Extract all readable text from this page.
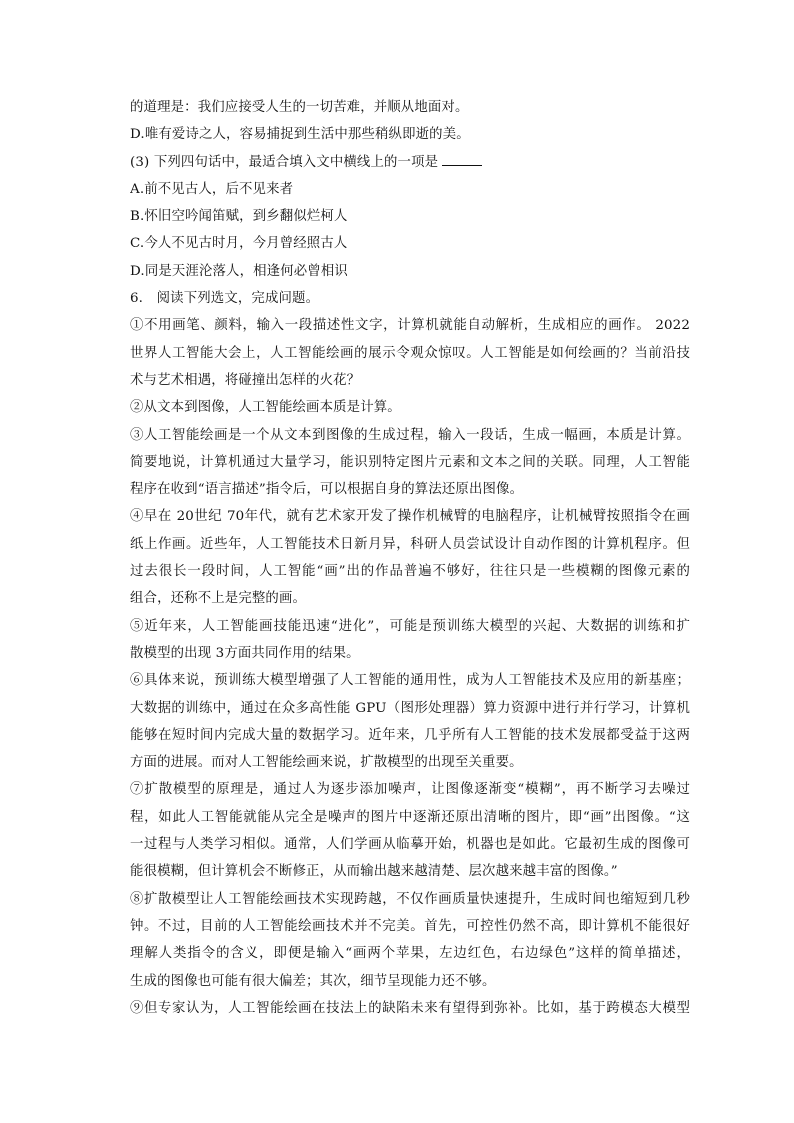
的道理是：我们应接受人生的一切苦难，并顺从地面对。
D.唯有爱诗之人，容易捕捉到生活中那些稍纵即逝的美。
(3) 下列四句话中，最适合填入文中横线上的一项是
A.前不见古人，后不见来者
B.怀旧空吟闻笛赋，到乡翻似烂柯人
C.今人不见古时月，今月曾经照古人
D.同是天涯沦落人，相逢何必曾相识
6.　阅读下列选文，完成问题。
①不用画笔、颜料，输入一段描述性文字，计算机就能自动解析，生成相应的画作。 2022
世界人工智能大会上，人工智能绘画的展示令观众惊叹。人工智能是如何绘画的？当前沿技
术与艺术相遇，将碰撞出怎样的火花？
②从文本到图像，人工智能绘画本质是计算。
③人工智能绘画是一个从文本到图像的生成过程，输入一段话，生成一幅画，本质是计算。
简要地说，计算机通过大量学习，能识别特定图片元素和文本之间的关联。同理，人工智能
程序在收到“语言描述”指令后，可以根据自身的算法还原出图像。
④早在 20世纪 70年代，就有艺术家开发了操作机械臂的电脑程序，让机械臂按照指令在画
纸上作画。近些年，人工智能技术日新月异，科研人员尝试设计自动作图的计算机程序。但
过去很长一段时间，人工智能“画”出的作品普遍不够好，往往只是一些模糊的图像元素的
组合，还称不上是完整的画。
⑤近年来，人工智能画技能迅速“进化”，可能是预训练大模型的兴起、大数据的训练和扩
散模型的出现 3方面共同作用的结果。
⑥具体来说，预训练大模型增强了人工智能的通用性，成为人工智能技术及应用的新基座；
大数据的训练中，通过在众多高性能 GPU（图形处理器）算力资源中进行并行学习，计算机
能够在短时间内完成大量的数据学习。近年来，几乎所有人工智能的技术发展都受益于这两
方面的进展。而对人工智能绘画来说，扩散模型的出现至关重要。
⑦扩散模型的原理是，通过人为逐步添加噪声，让图像逐渐变“模糊”，再不断学习去噪过
程，如此人工智能就能从完全是噪声的图片中逐渐还原出清晰的图片，即“画”出图像。“这
一过程与人类学习相似。通常，人们学画从临摹开始，机器也是如此。它最初生成的图像可
能很模糊，但计算机会不断修正，从而输出越来越清楚、层次越来越丰富的图像。”
⑧扩散模型让人工智能绘画技术实现跨越，不仅作画质量快速提升，生成时间也缩短到几秒
钟。不过，目前的人工智能绘画技术并不完美。首先，可控性仍然不高，即计算机不能很好
理解人类指令的含义，即便是输入“画两个苹果，左边红色，右边绿色”这样的简单描述，
生成的图像也可能有很大偏差；其次，细节呈现能力还不够。
⑨但专家认为，人工智能绘画在技法上的缺陷未来有望得到弥补。比如，基于跨模态大模型
